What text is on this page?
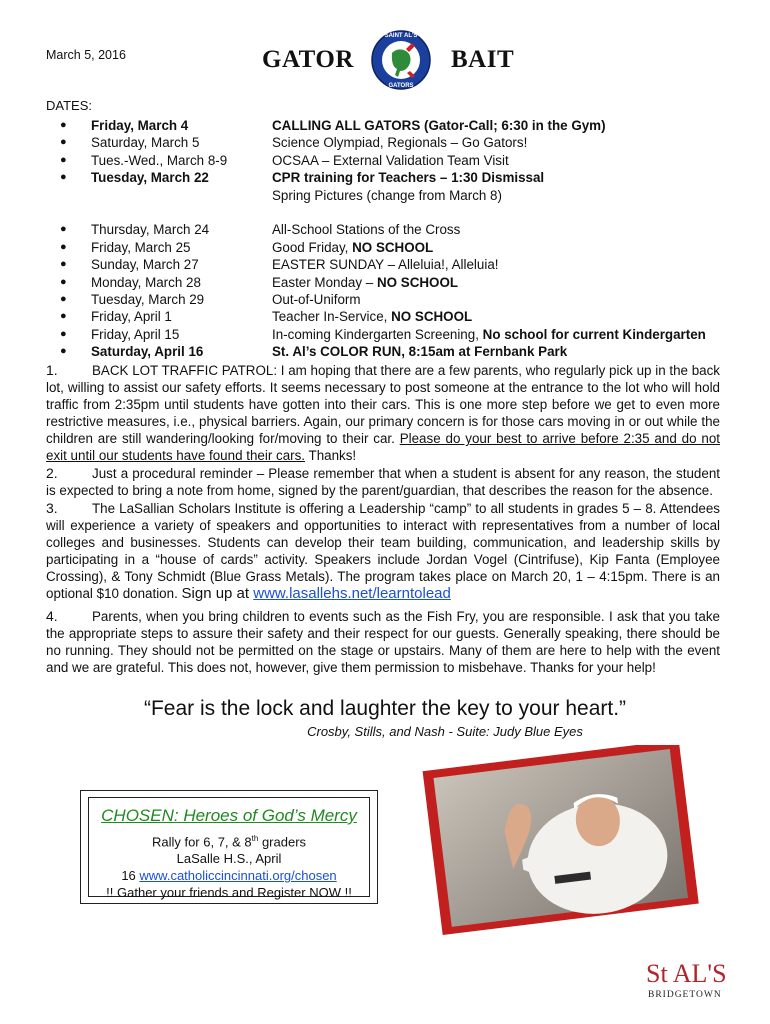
March 5, 2016	GATOR	BAIT
SAINT AL'S
GATORS
DATES:
● Friday, March 4	CALLING ALL GATORS (Gator-Call; 6:30 in the Gym)
● Saturday, March 5	Science Olympiad, Regionals – Go Gators!
● Tues.-Wed., March 8-9	OCSAA – External Validation Team Visit
● Tuesday, March 22	CPR training for Teachers – 1:30 Dismissal
Spring Pictures (change from March 8)
● Thursday, March 24	All-School Stations of the Cross
● Friday, March 25	Good Friday, NO SCHOOL
● Sunday, March 27	EASTER SUNDAY – Alleluia!, Alleluia!
● Monday, March 28	Easter Monday – NO SCHOOL
● Tuesday, March 29	Out-of-Uniform
● Friday, April 1	Teacher In-Service, NO SCHOOL
● Friday, April 15	In-coming Kindergarten Screening, No school for current Kindergarten
● Saturday, April 16	St. Al’s COLOR RUN, 8:15am at Fernbank Park

1.	BACK LOT TRAFFIC PATROL: I am hoping that there are a few parents, who regularly pick up in the back lot, willing to assist our safety efforts. It seems necessary to post someone at the entrance to the lot who will hold traffic from 2:35pm until students have gotten into their cars. This is one more step before we get to even more restrictive measures, i.e., physical barriers. Again, our primary concern is for those cars moving in or out while the children are still wandering/looking for/moving to their car. Please do your best to arrive before 2:35 and do not exit until our students have found their cars. Thanks!

2.	Just a procedural reminder – Please remember that when a student is absent for any reason, the student is expected to bring a note from home, signed by the parent/guardian, that describes the reason for the absence.

3.	The LaSallian Scholars Institute is offering a Leadership “camp” to all students in grades 5 – 8. Attendees will experience a variety of speakers and opportunities to interact with representatives from a number of local colleges and businesses. Students can develop their team building, communication, and leadership skills by participating in a “house of cards” activity. Speakers include Jordan Vogel (Cintrifuse), Kip Fanta (Employee Crossing), & Tony Schmidt (Blue Grass Metals). The program takes place on March 20, 1 – 4:15pm. There is an optional $10 donation. Sign up at www.lasallehs.net/learntolead

4.	Parents, when you bring children to events such as the Fish Fry, you are responsible. I ask that you take the appropriate steps to assure their safety and their respect for our guests. Generally speaking, there should be no running. They should not be permitted on the stage or upstairs. Many of them are here to help with the event and we are grateful. This does not, however, give them permission to misbehave. Thanks for your help!

“Fear is the lock and laughter the key to your heart.”
Crosby, Stills, and Nash - Suite: Judy Blue Eyes
CHOSEN: Heroes of God’s Mercy
Rally for 6, 7, & 8th graders
LaSalle H.S., April
16 www.catholiccincinnati.org/chosen
!! Gather your friends and Register NOW !!
St AL'S
BRIDGETOWN
